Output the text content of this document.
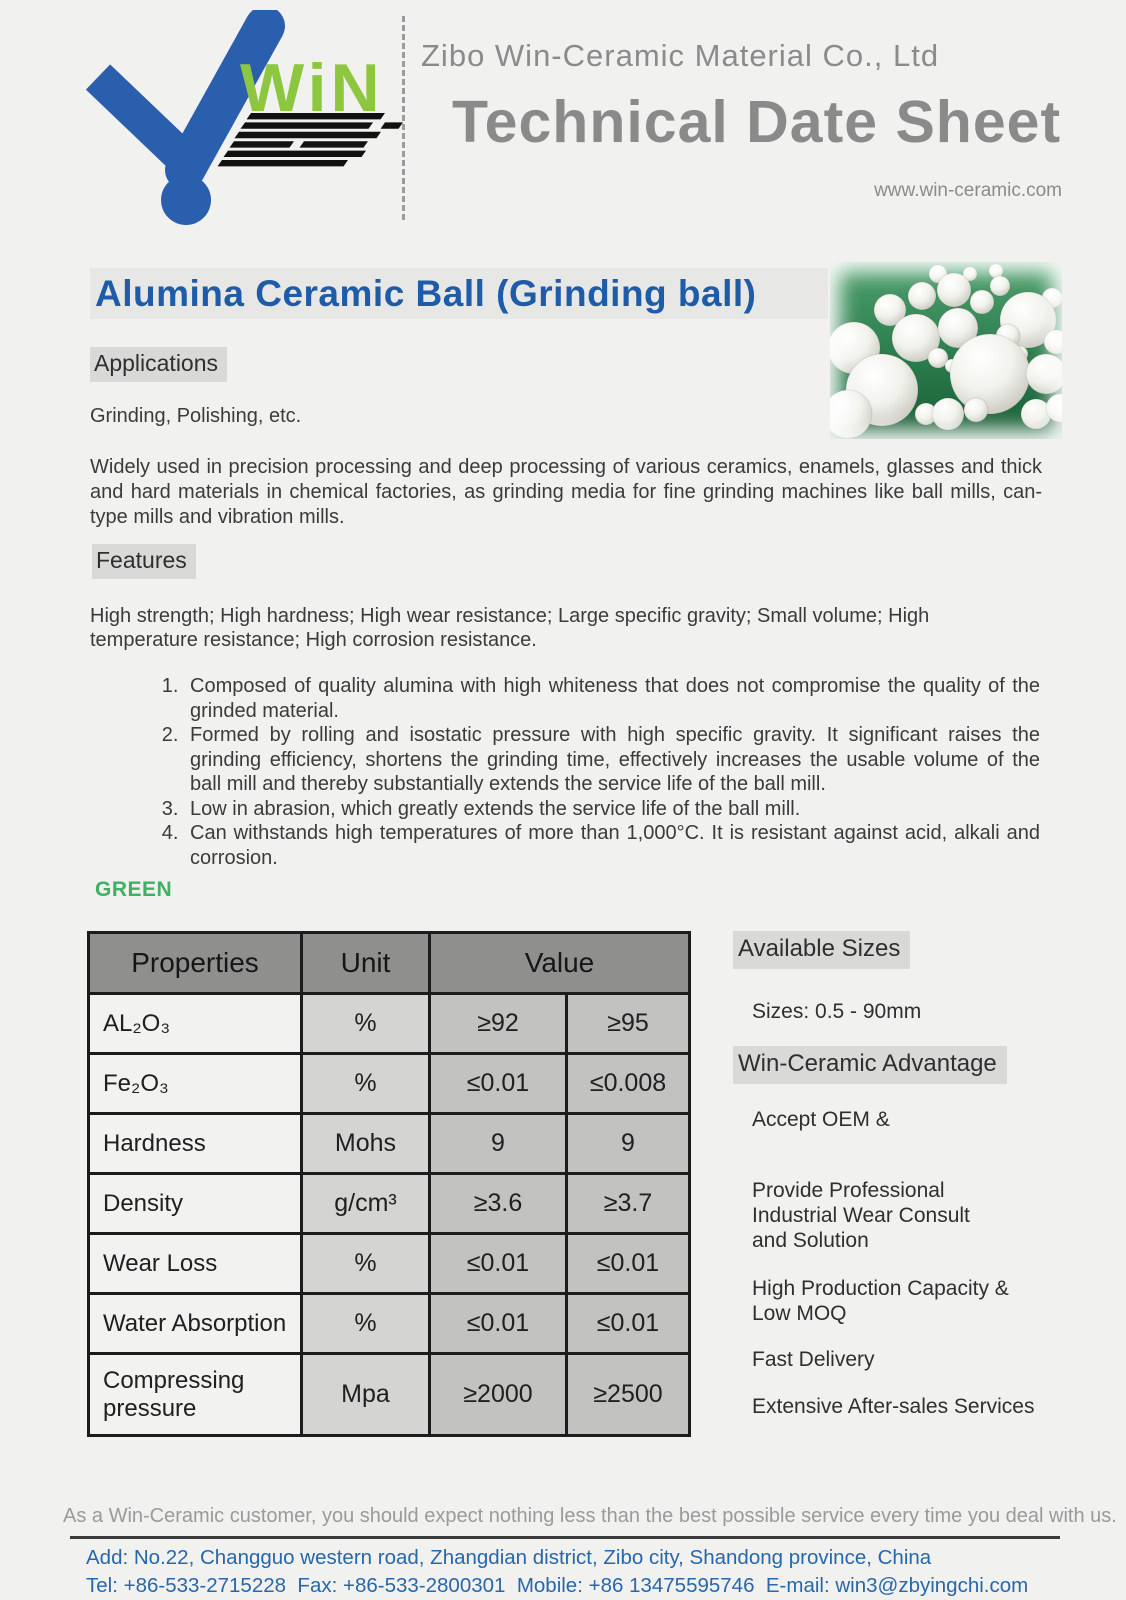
WiN Zibo Win-Ceramic Material Co., Ltd
Technical Date Sheet
www.win-ceramic.com
Alumina Ceramic Ball (Grinding ball)
Applications
Grinding, Polishing, etc.
Widely used in precision processing and deep processing of various ceramics, enamels, glasses and thick and hard materials in chemical factories, as grinding media for fine grinding machines like ball mills, can-type mills and vibration mills.
Features
High strength; High hardness; High wear resistance; Large specific gravity; Small volume; High temperature resistance; High corrosion resistance.
1. Composed of quality alumina with high whiteness that does not compromise the quality of the grinded material.
2. Formed by rolling and isostatic pressure with high specific gravity. It significant raises the grinding efficiency, shortens the grinding time, effectively increases the usable volume of the ball mill and thereby substantially extends the service life of the ball mill.
3. Low in abrasion, which greatly extends the service life of the ball mill.
4. Can withstands high temperatures of more than 1,000°C. It is resistant against acid, alkali and corrosion.
GREEN
Properties	Unit	Value	
AL₂O₃	%	≥92	≥95
Fe₂O₃	%	≤0.01	≤0.008
Hardness	Mohs	9	9
Density	g/cm³	≥3.6	≥3.7
Wear Loss	%	≤0.01	≤0.01
Water Absorption	%	≤0.01	≤0.01
Compressing pressure	Mpa	≥2000	≥2500
Available Sizes
Sizes: 0.5 - 90mm
Win-Ceramic Advantage
Accept OEM &
Provide Professional
Industrial Wear Consult
and Solution
High Production Capacity &
Low MOQ
Fast Delivery
Extensive After-sales Services
As a Win-Ceramic customer, you should expect nothing less than the best possible service every time you deal with us.
Add: No.22, Changguo western road, Zhangdian district, Zibo city, Shandong province, China
Tel: +86-533-2715228  Fax: +86-533-2800301  Mobile: +86 13475595746  E-mail: win3@zbyingchi.com
